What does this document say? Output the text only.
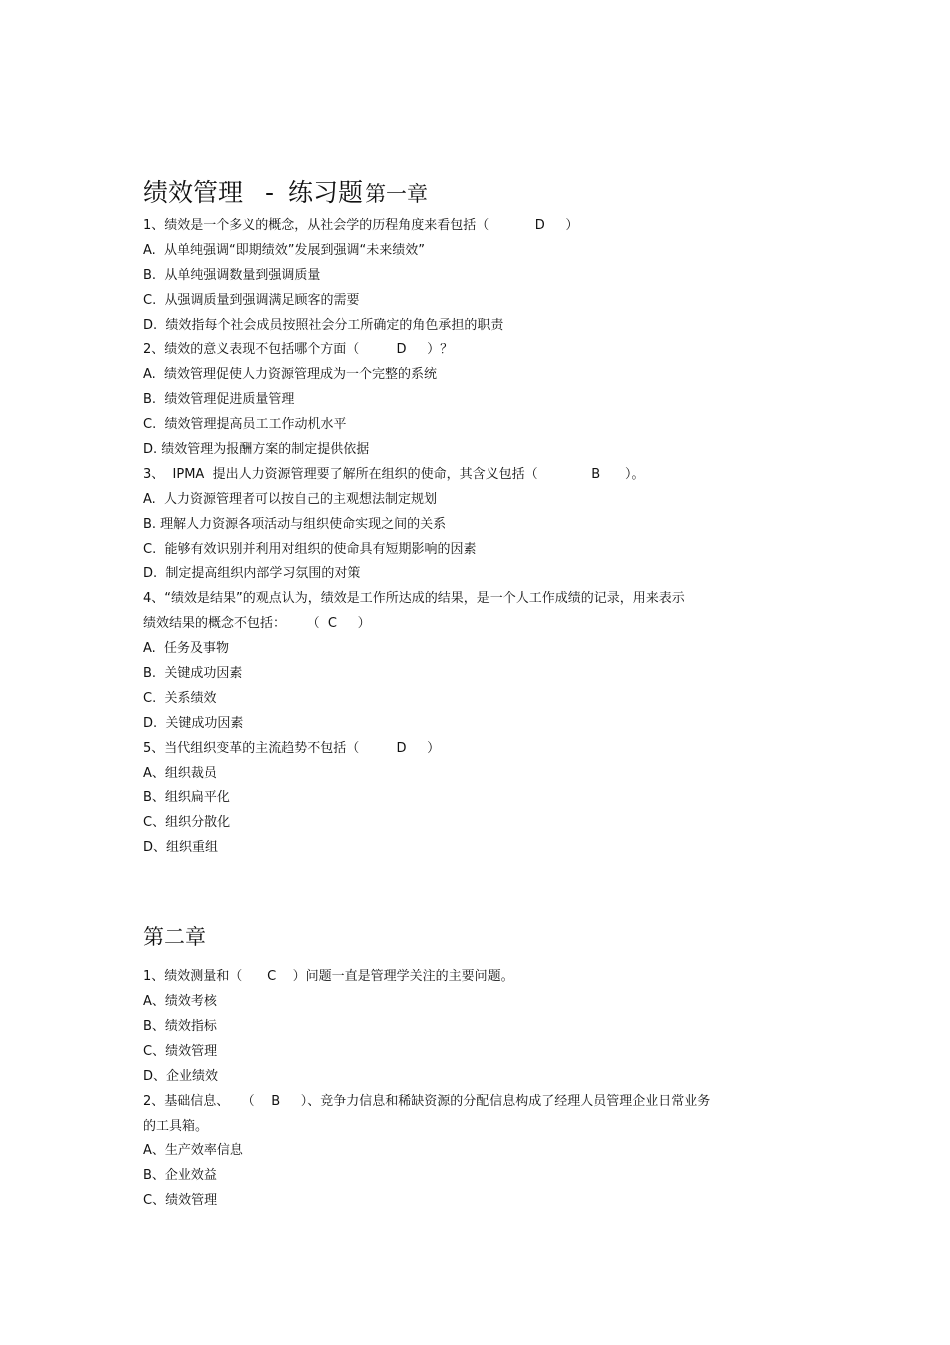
绩效管理 - 练习题第一章
1、绩效是一个多义的概念，从社会学的历程角度来看包括（           D     ）
A.  从单纯强调“即期绩效”发展到强调“未来绩效”
B.  从单纯强调数量到强调质量
C.  从强调质量到强调满足顾客的需要
D.  绩效指每个社会成员按照社会分工所确定的角色承担的职责
2、绩效的意义表现不包括哪个方面（         D     ）？
A.  绩效管理促使人力资源管理成为一个完整的系统
B.  绩效管理促进质量管理
C.  绩效管理提高员工工作动机水平
D. 绩效管理为报酬方案的制定提供依据
3、  IPMA  提出人力资源管理要了解所在组织的使命，其含义包括（             B      ）。
A.  人力资源管理者可以按自己的主观想法制定规划
B. 理解人力资源各项活动与组织使命实现之间的关系
C.  能够有效识别并利用对组织的使命具有短期影响的因素
D.  制定提高组织内部学习氛围的对策
4、“绩效是结果”的观点认为，绩效是工作所达成的结果，是一个人工作成绩的记录，用来表示
绩效结果的概念不包括：     （  C     ）
A.  任务及事物
B.  关键成功因素
C.  关系绩效
D.  关键成功因素
5、当代组织变革的主流趋势不包括（         D     ）
A、组织裁员
B、组织扁平化
C、组织分散化
D、组织重组
第二章
1、绩效测量和（      C    ）问题一直是管理学关注的主要问题。
A、绩效考核
B、绩效指标
C、绩效管理
D、企业绩效
2、基础信息、   （    B     ）、竞争力信息和稀缺资源的分配信息构成了经理人员管理企业日常业务
的工具箱。
A、生产效率信息
B、企业效益
C、绩效管理
